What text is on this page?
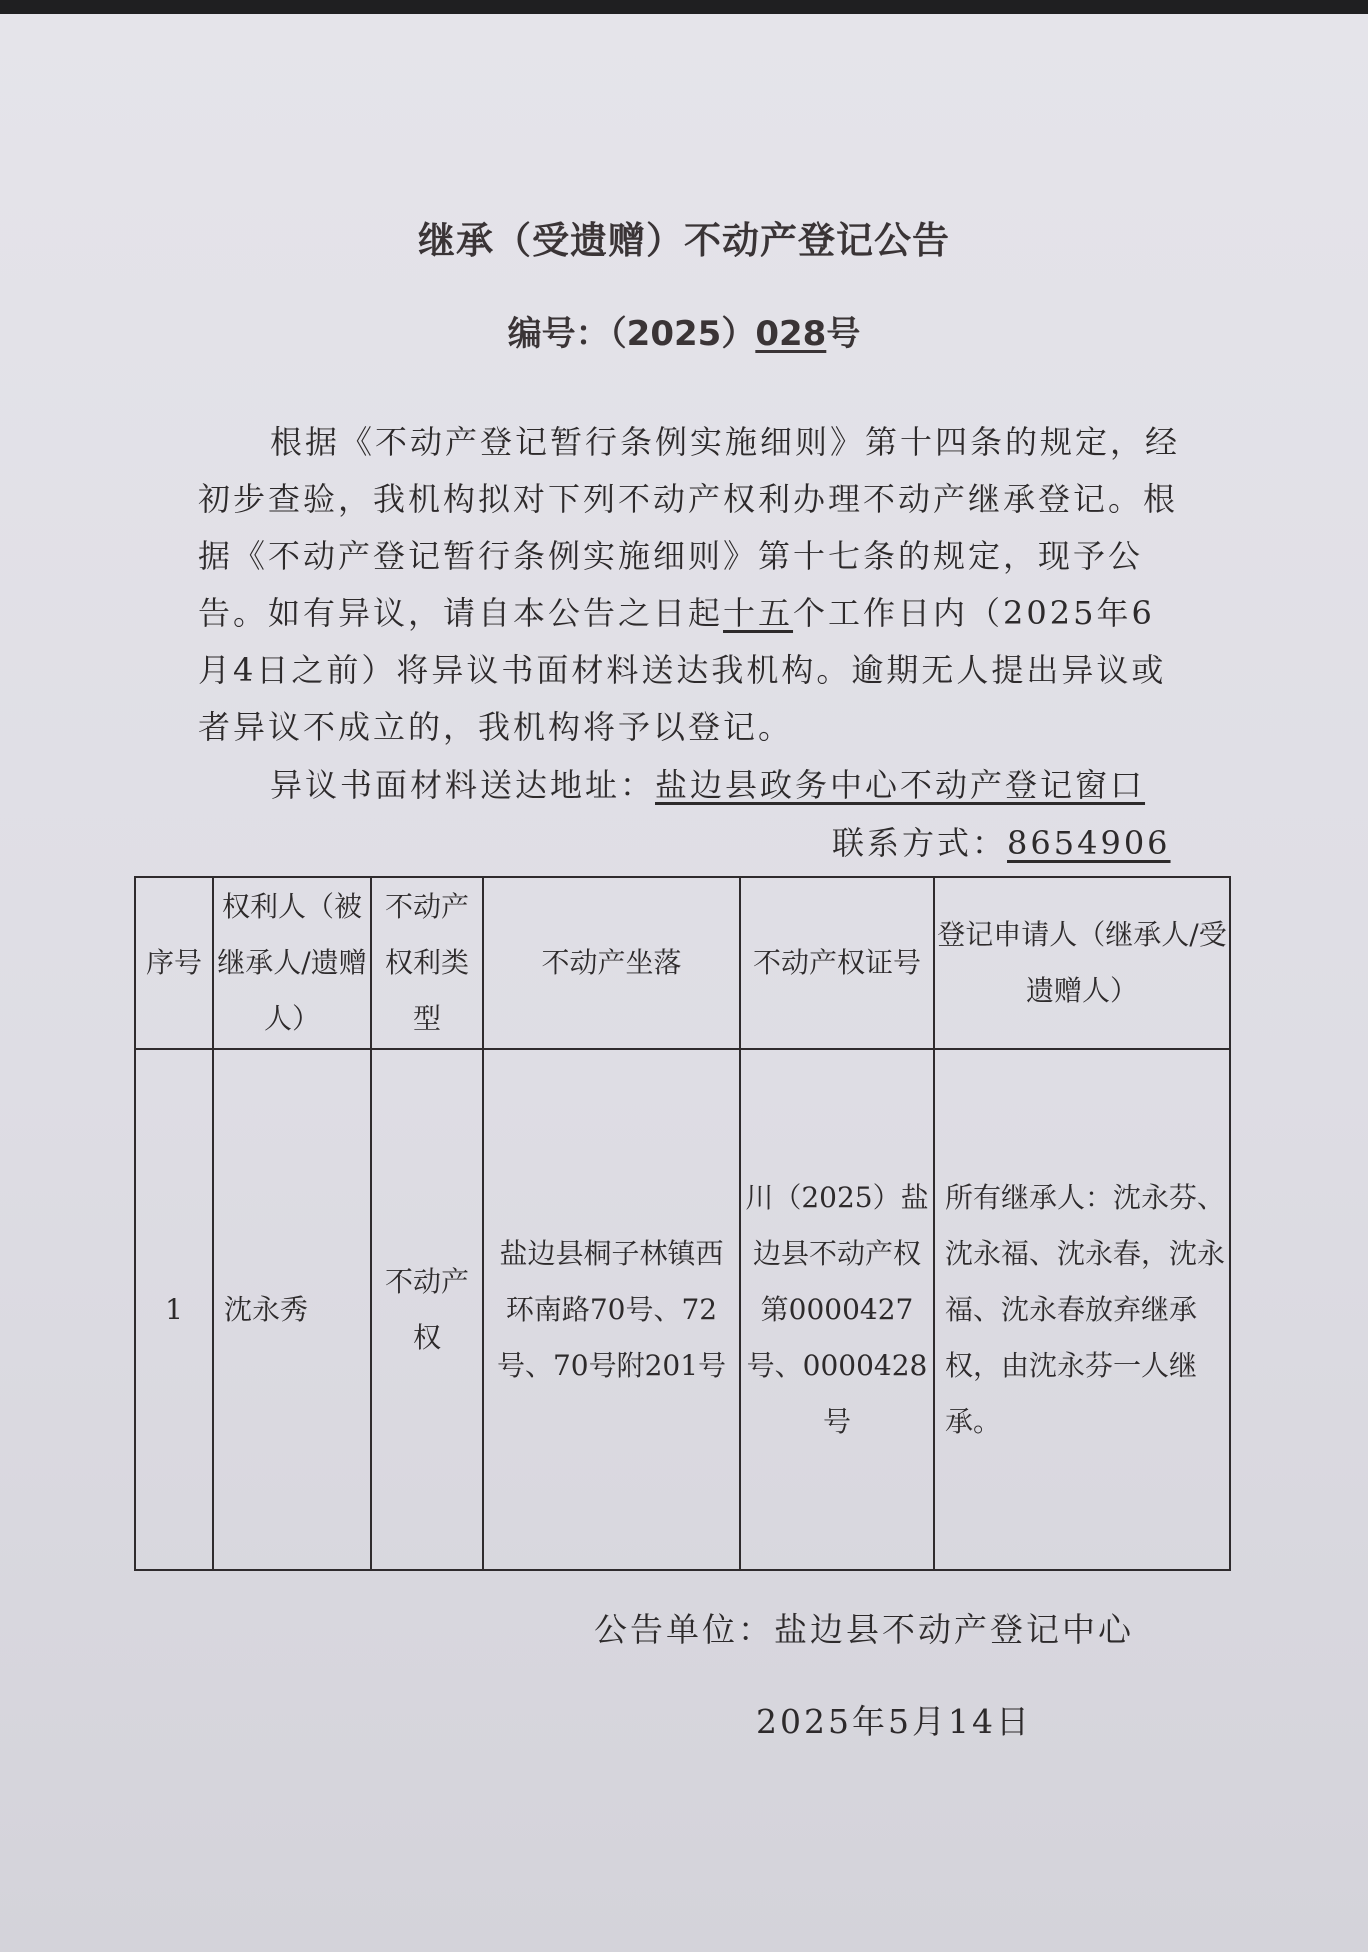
继承（受遗赠）不动产登记公告
编号：（2025）028号

根据《不动产登记暂行条例实施细则》第十四条的规定，经初步查验，我机构拟对下列不动产权利办理不动产继承登记。根据《不动产登记暂行条例实施细则》第十七条的规定，现予公告。如有异议，请自本公告之日起十五个工作日内（2025年6月4日之前）将异议书面材料送达我机构。逾期无人提出异议或者异议不成立的，我机构将予以登记。

异议书面材料送达地址：盐边县政务中心不动产登记窗口
联系方式：8654906
序号	权利人（被继承人/遗赠人）	不动产权利类型	不动产坐落	不动产权证号	登记申请人（继承人/受遗赠人）
1	沈永秀	不动产权	盐边县桐子林镇西环南路70号、72号、70号附201号	川（2025）盐边县不动产权第0000427号、0000428号	所有继承人：沈永芬、沈永福、沈永春，沈永福、沈永春放弃继承权，由沈永芬一人继承。
公告单位：盐边县不动产登记中心
2025年5月14日
